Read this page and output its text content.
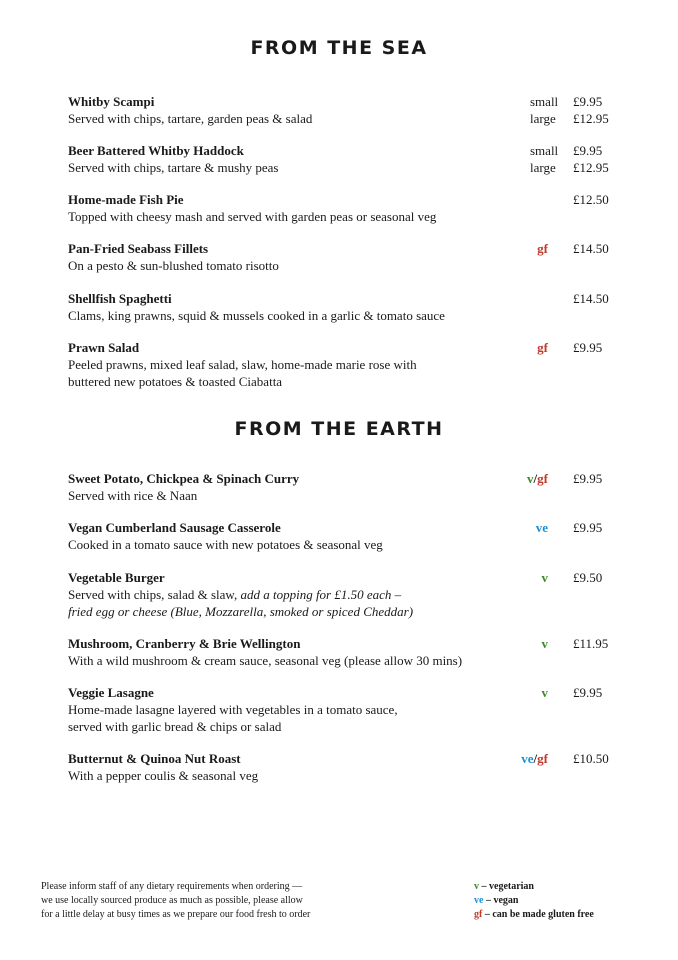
FROM THE SEA
Whitby Scampi
Served with chips, tartare, garden peas & salad
small
large
£9.95
£12.95
Beer Battered Whitby Haddock
Served with chips, tartare & mushy peas
small
large
£9.95
£12.95
Home-made Fish Pie
Topped with cheesy mash and served with garden peas or seasonal veg
£12.50
Pan-Fried Seabass Fillets
On a pesto & sun-blushed tomato risotto
gf £14.50
Shellfish Spaghetti
Clams, king prawns, squid & mussels cooked in a garlic & tomato sauce
£14.50
Prawn Salad
Peeled prawns, mixed leaf salad, slaw, home-made marie rose with
buttered new potatoes & toasted Ciabatta
gf £9.95
FROM THE EARTH
Sweet Potato, Chickpea & Spinach Curry
Served with rice & Naan
v/gf £9.95
Vegan Cumberland Sausage Casserole
Cooked in a tomato sauce with new potatoes & seasonal veg
ve £9.95
Vegetable Burger
Served with chips, salad & slaw, add a topping for £1.50 each –
fried egg or cheese (Blue, Mozzarella, smoked or spiced Cheddar)
v £9.50
Mushroom, Cranberry & Brie Wellington
With a wild mushroom & cream sauce, seasonal veg (please allow 30 mins)
v £11.95
Veggie Lasagne
Home-made lasagne layered with vegetables in a tomato sauce,
served with garlic bread & chips or salad
v £9.95
Butternut & Quinoa Nut Roast
With a pepper coulis & seasonal veg
ve/gf £10.50
Please inform staff of any dietary requirements when ordering —
we use locally sourced produce as much as possible, please allow
for a little delay at busy times as we prepare our food fresh to order
v – vegetarian
ve – vegan
gf – can be made gluten free
